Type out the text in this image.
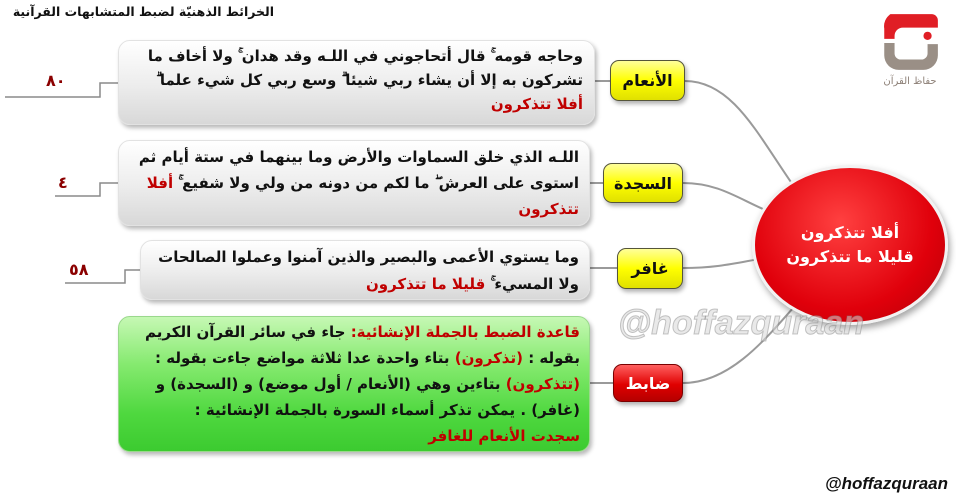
الخرائط الذهنيّة لضبط المتشابهات القرآنية
حفاظ القرآن
٨٠
وحاجه قومه ۚ قال أتحاجوني في اللـه وقد هدان ۚ ولا أخاف ما
تشركون به إلا أن يشاء ربي شيئا ۗ وسع ربي كل شيء علما ۗ
أفلا تتذكرون
الأنعام
٤
اللـه الذي خلق السماوات والأرض وما بينهما في ستة أيام ثم
استوى على العرش ۖ ما لكم من دونه من ولي ولا شفيع ۚ أفلا
تتذكرون
السجدة
٥٨
وما يستوي الأعمى والبصير والذين آمنوا وعملوا الصالحات
ولا المسيء ۚ قليلا ما تتذكرون
غافر
قاعدة الضبط بالجملة الإنشائية: جاء في سائر القرآن الكريم
بقوله : (تذكرون) بتاء واحدة عدا ثلاثة مواضع جاءت بقوله :
(تتذكرون) بتاءين وهي (الأنعام / أول موضع) و (السجدة) و
(غافر) . يمكن تذكر أسماء السورة بالجملة الإنشائية :
سجدت الأنعام للغافر
ضابط
أفلا تتذكرون
قليلا ما تتذكرون
@hoffazquraan
@hoffazquraan
